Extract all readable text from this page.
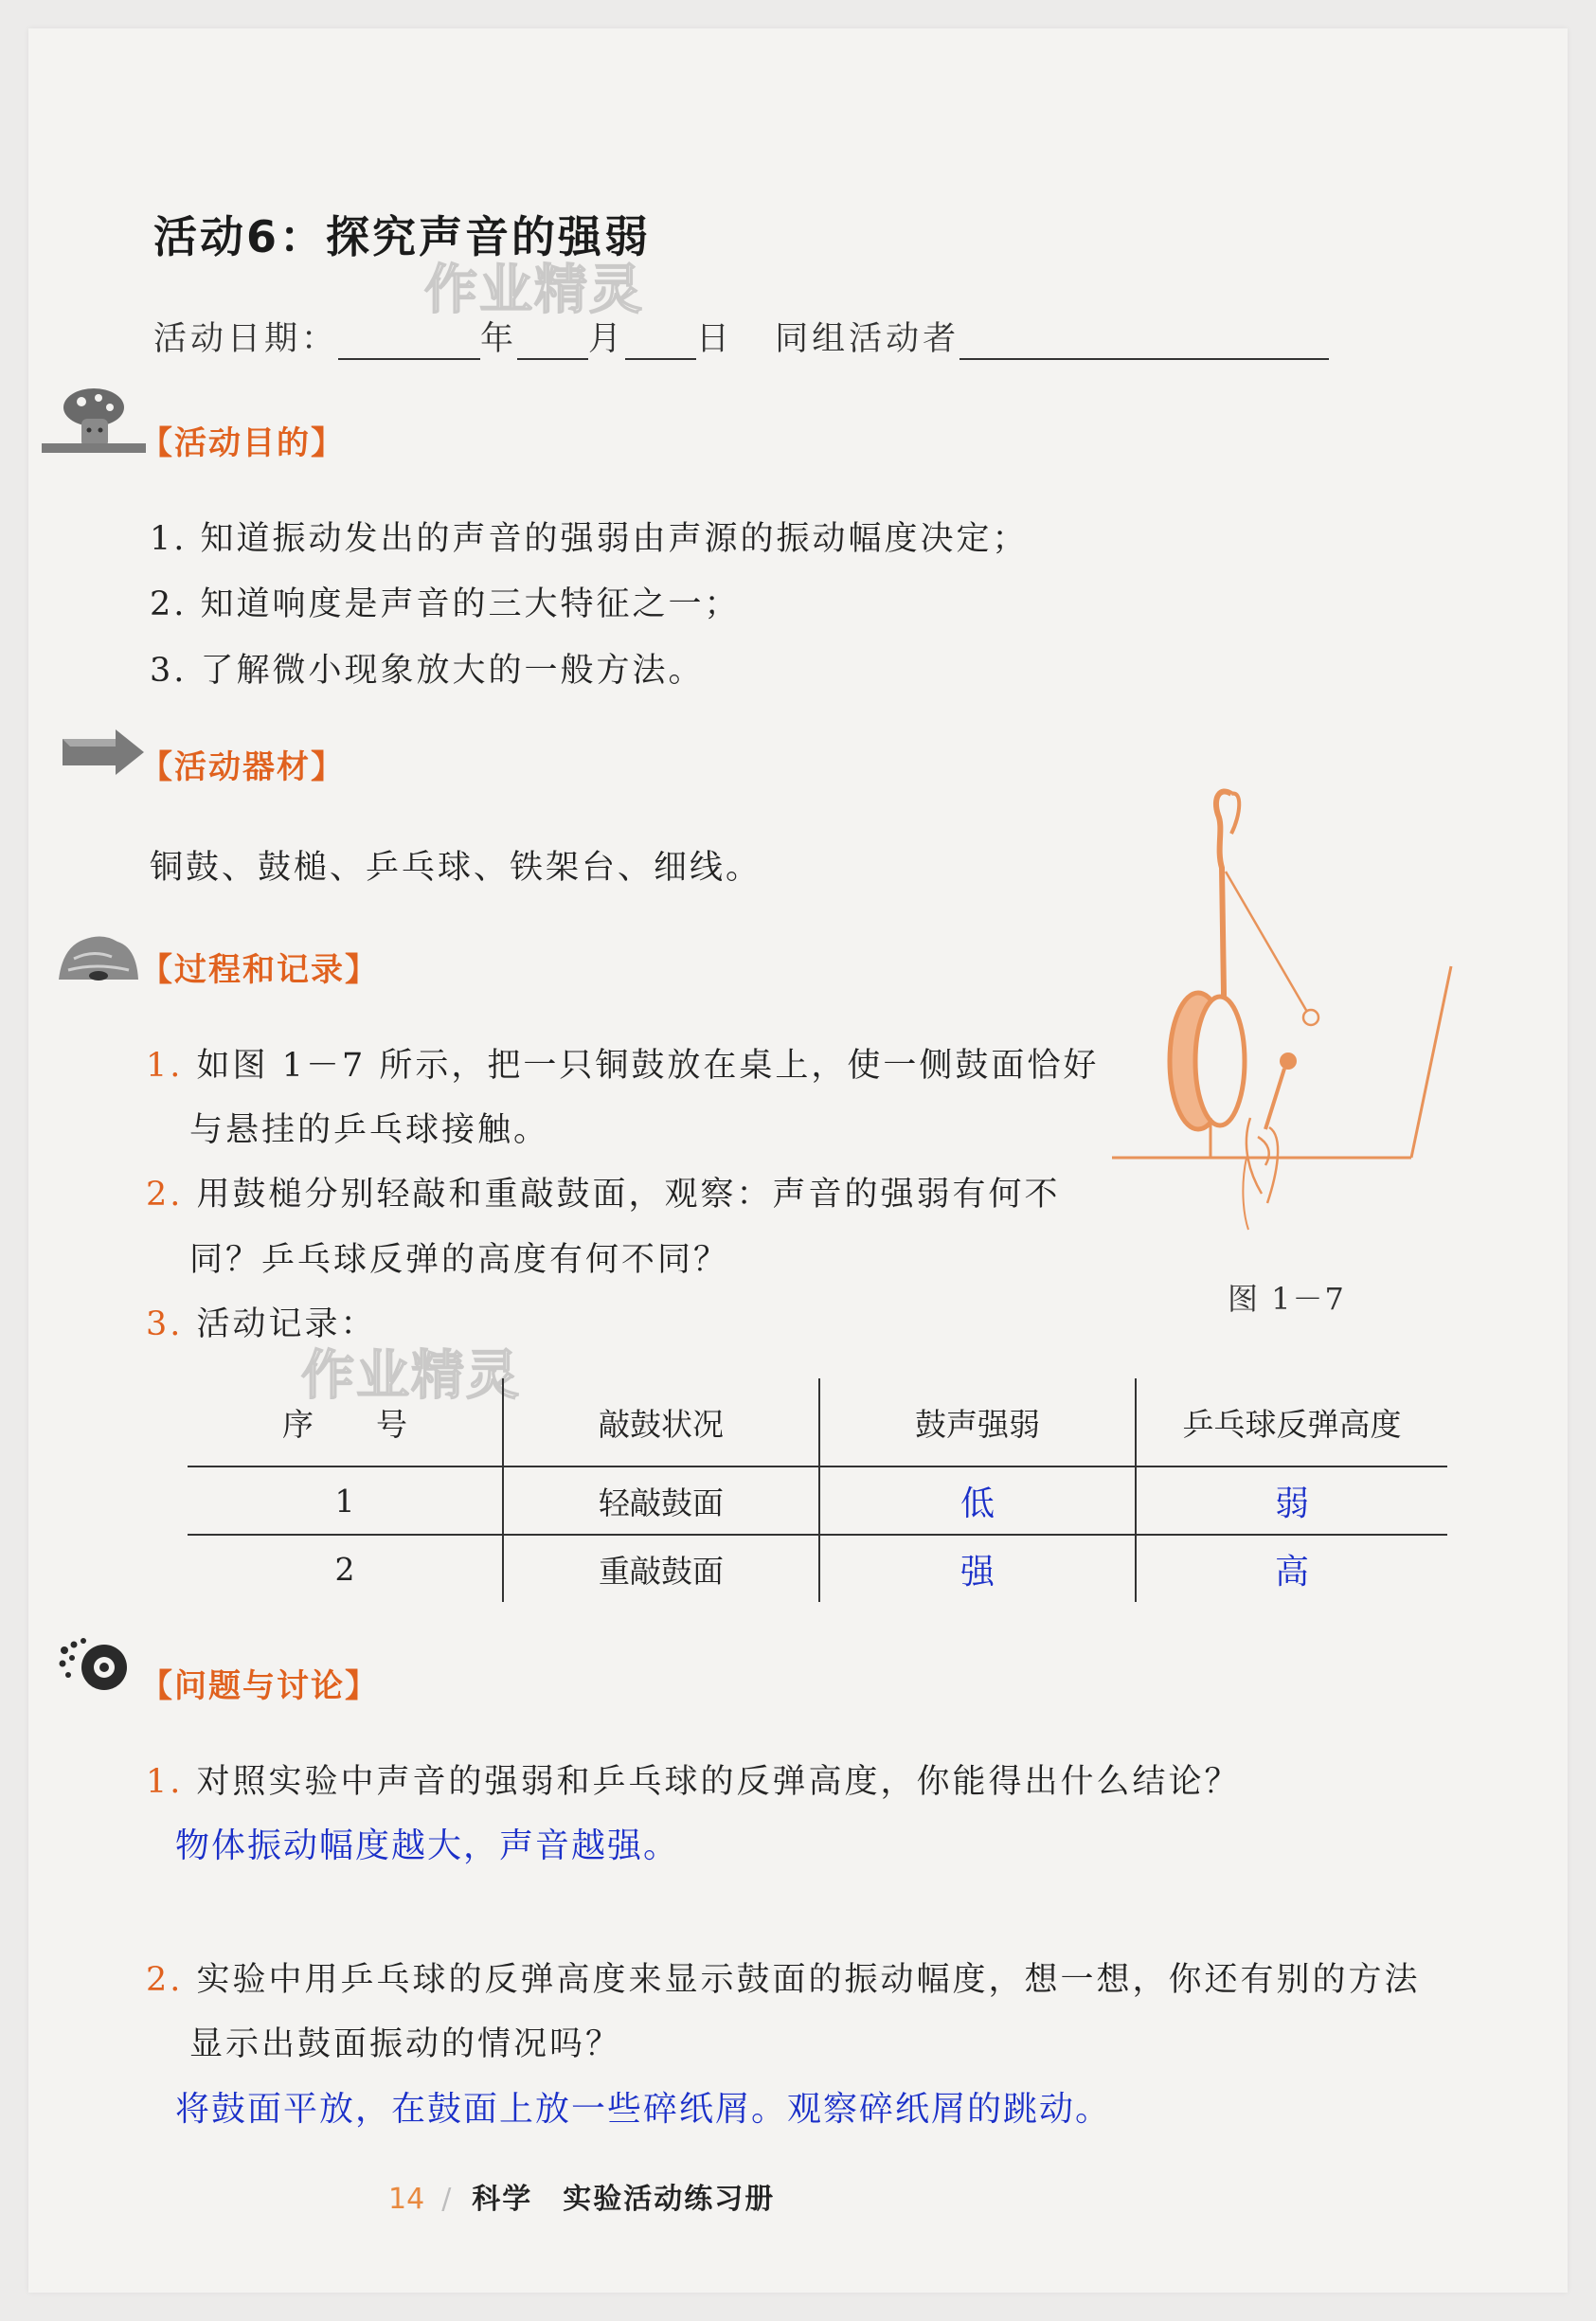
活动6：探究声音的强弱
作业精灵
活动日期：	年 月 日 同组活动者
【活动目的】
1. 知道振动发出的声音的强弱由声源的振动幅度决定；
2. 知道响度是声音的三大特征之一；
3. 了解微小现象放大的一般方法。
【活动器材】
铜鼓、鼓槌、乒乓球、铁架台、细线。
【过程和记录】
1. 如图 1－7 所示，把一只铜鼓放在桌上，使一侧鼓面恰好
与悬挂的乒乓球接触。
2. 用鼓槌分别轻敲和重敲鼓面，观察：声音的强弱有何不
同？乒乓球反弹的高度有何不同？
3. 活动记录：
作业精灵
图 1－7
序　　号	敲鼓状况	鼓声强弱	乒乓球反弹高度
1	轻敲鼓面	低	弱
2	重敲鼓面	强	高
【问题与讨论】
1. 对照实验中声音的强弱和乒乓球的反弹高度，你能得出什么结论？
物体振动幅度越大，声音越强。
2. 实验中用乒乓球的反弹高度来显示鼓面的振动幅度，想一想，你还有别的方法
显示出鼓面振动的情况吗？
将鼓面平放，在鼓面上放一些碎纸屑。观察碎纸屑的跳动。
14 / 科学　实验活动练习册
